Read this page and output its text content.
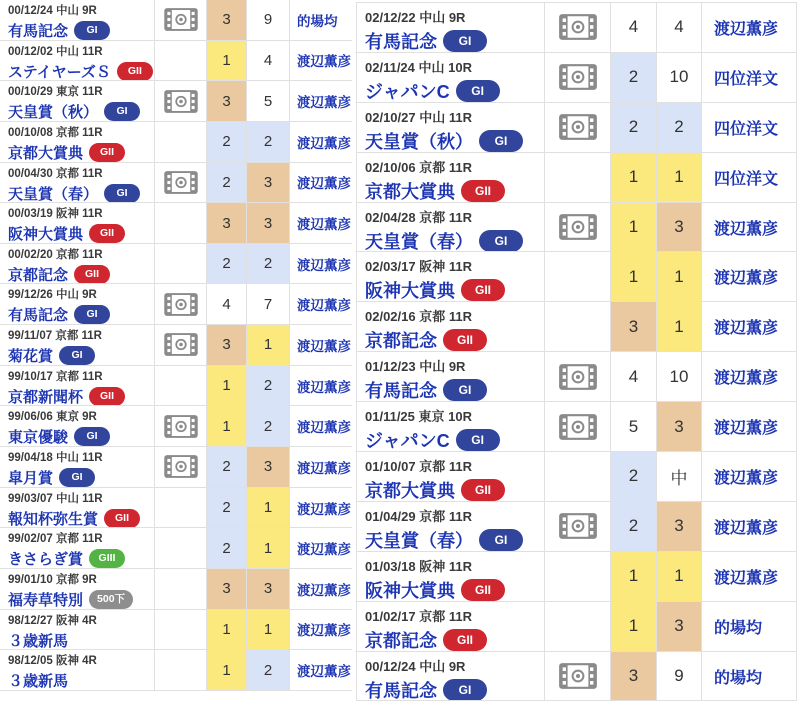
00/12/24 中山 9R
有馬記念	GI
3	9	的場均
00/12/02 中山 11R
ステイヤーズＳ	GII
1	4	渡辺薫彦
00/10/29 東京 11R
天皇賞（秋）	GI
3	5	渡辺薫彦
00/10/08 京都 11R
京都大賞典	GII
2	2	渡辺薫彦
00/04/30 京都 11R
天皇賞（春）	GI
2	3	渡辺薫彦
00/03/19 阪神 11R
阪神大賞典	GII
3	3	渡辺薫彦
00/02/20 京都 11R
京都記念	GII
2	2	渡辺薫彦
99/12/26 中山 9R
有馬記念	GI
4	7	渡辺薫彦
99/11/07 京都 11R
菊花賞	GI
3	1	渡辺薫彦
99/10/17 京都 11R
京都新聞杯	GII
1	2	渡辺薫彦
99/06/06 東京 9R
東京優駿	GI
1	2	渡辺薫彦
99/04/18 中山 11R
皐月賞	GI
2	3	渡辺薫彦
99/03/07 中山 11R
報知杯弥生賞	GII
2	1	渡辺薫彦
99/02/07 京都 11R
きさらぎ賞	GIII
2	1	渡辺薫彦
99/01/10 京都 9R
福寿草特別	500下
3	3	渡辺薫彦
98/12/27 阪神 4R
３歳新馬
1	1	渡辺薫彦
98/12/05 阪神 4R
３歳新馬
1	2	渡辺薫彦
02/12/22 中山 9R
有馬記念	GI
4	4	渡辺薫彦
02/11/24 中山 10R
ジャパンC	GI
2	10	四位洋文
02/10/27 中山 11R
天皇賞（秋）	GI
2	2	四位洋文
02/10/06 京都 11R
京都大賞典	GII
1	1	四位洋文
02/04/28 京都 11R
天皇賞（春）	GI
1	3	渡辺薫彦
02/03/17 阪神 11R
阪神大賞典	GII
1	1	渡辺薫彦
02/02/16 京都 11R
京都記念	GII
3	1	渡辺薫彦
01/12/23 中山 9R
有馬記念	GI
4	10	渡辺薫彦
01/11/25 東京 10R
ジャパンC	GI
5	3	渡辺薫彦
01/10/07 京都 11R
京都大賞典	GII
2	中	渡辺薫彦
01/04/29 京都 11R
天皇賞（春）	GI
2	3	渡辺薫彦
01/03/18 阪神 11R
阪神大賞典	GII
1	1	渡辺薫彦
01/02/17 京都 11R
京都記念	GII
1	3	的場均
00/12/24 中山 9R
有馬記念	GI
3	9	的場均
